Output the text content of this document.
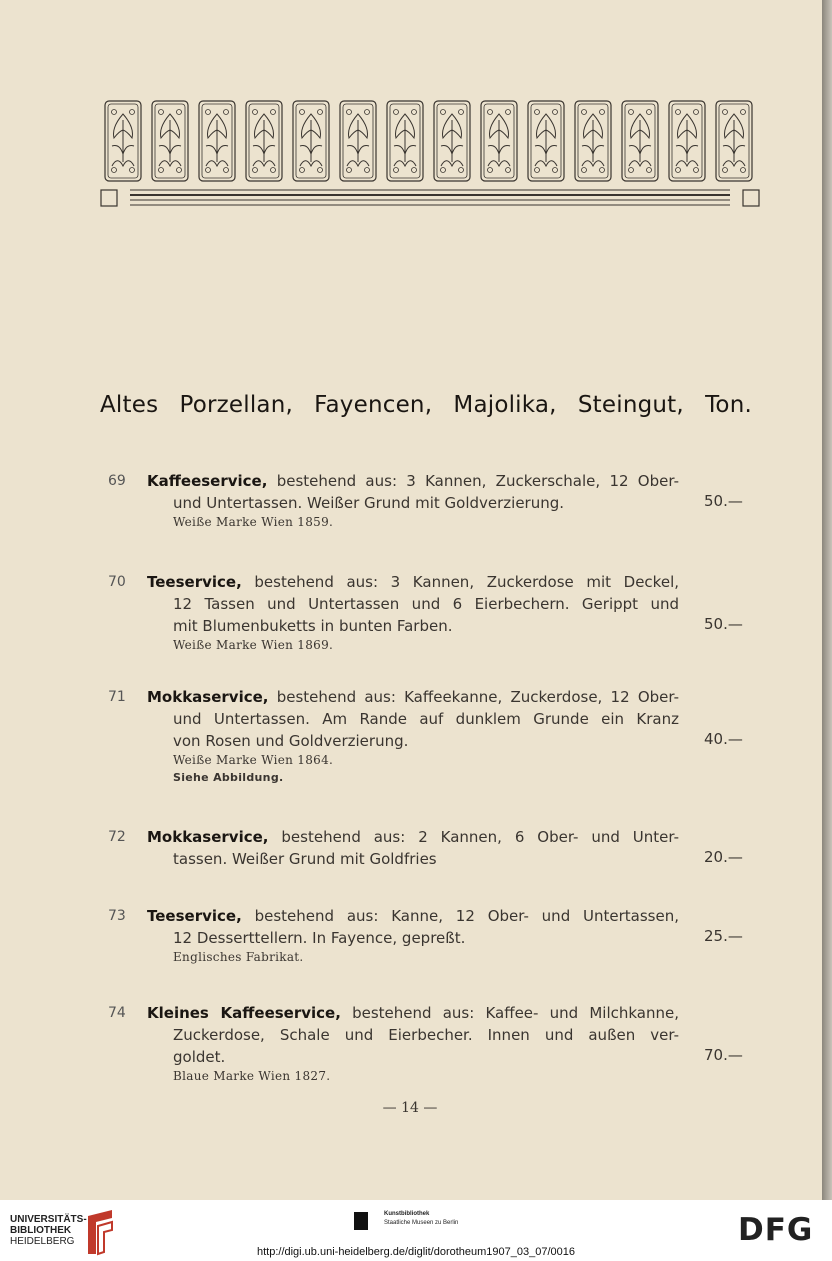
Altes Porzellan, Fayencen, Majolika, Steingut, Ton.
69 Kaffeeservice, bestehend aus: 3 Kannen, Zuckerschale, 12 Ober-
und Untertassen. Weißer Grund mit Goldverzierung.	50.—
Weiße Marke Wien 1859.
70 Teeservice, bestehend aus: 3 Kannen, Zuckerdose mit Deckel,
12 Tassen und Untertassen und 6 Eierbechern. Gerippt und
mit Blumenbuketts in bunten Farben.	50.—
Weiße Marke Wien 1869.
71 Mokkaservice, bestehend aus: Kaffeekanne, Zuckerdose, 12 Ober-
und Untertassen. Am Rande auf dunklem Grunde ein Kranz
von Rosen und Goldverzierung.	40.—
Weiße Marke Wien 1864.
Siehe Abbildung.
72 Mokkaservice, bestehend aus: 2 Kannen, 6 Ober- und Unter-
tassen. Weißer Grund mit Goldfries	20.—
73 Teeservice, bestehend aus: Kanne, 12 Ober- und Untertassen,
12 Desserttellern. In Fayence, gepreßt.	25.—
Englisches Fabrikat.
74 Kleines Kaffeeservice, bestehend aus: Kaffee- und Milchkanne,
Zuckerdose, Schale und Eierbecher. Innen und außen ver-
goldet.	70.—
Blaue Marke Wien 1827.
— 14 —
UNIVERSITÄTS-
BIBLIOTHEK
HEIDELBERG
Kunstbibliothek
Staatliche Museen zu Berlin	DFG
http://digi.ub.uni-heidelberg.de/diglit/dorotheum1907_03_07/0016
